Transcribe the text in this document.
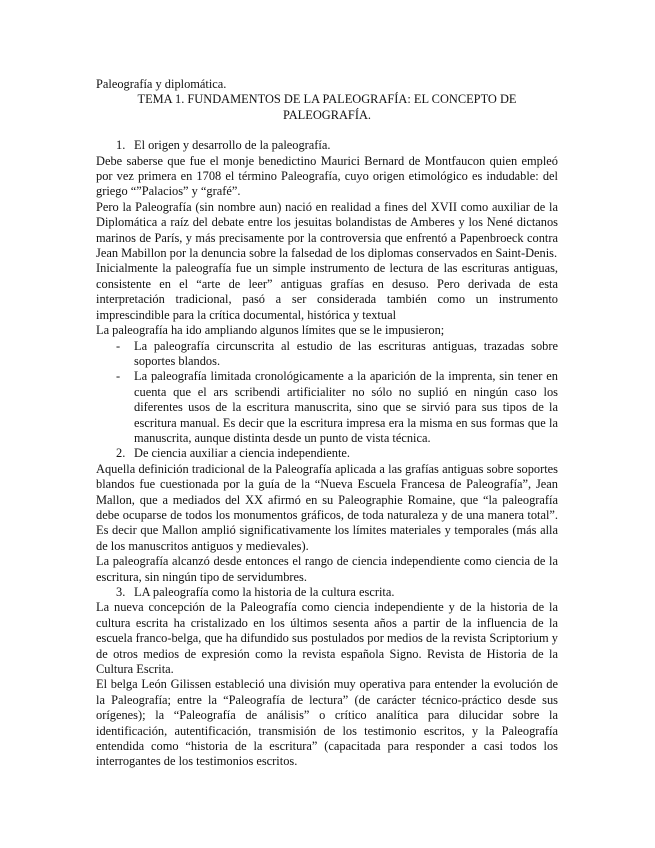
Paleografía y diplomática.
TEMA 1. FUNDAMENTOS DE LA PALEOGRAFÍA: EL CONCEPTO DE PALEOGRAFÍA.
1. El origen y desarrollo de la paleografía.

Debe saberse que fue el monje benedictino Maurici Bernard de Montfaucon quien empleó por vez primera en 1708 el término Paleografía, cuyo origen etimológico es indudable: del griego “”Palacios” y “grafé”.

Pero la Paleografía (sin nombre aun) nació en realidad a fines del XVII como auxiliar de la Diplomática a raíz del debate entre los jesuitas bolandistas de Amberes y los Nené dictanos marinos de París, y más precisamente por la controversia que enfrentó a Papenbroeck contra Jean Mabillon por la denuncia sobre la falsedad de los diplomas conservados en Saint-Denis.

Inicialmente la paleografía fue un simple instrumento de lectura de las escrituras antiguas, consistente en el “arte de leer” antiguas grafías en desuso. Pero derivada de esta interpretación tradicional, pasó a ser considerada también como un instrumento imprescindible para la crítica documental, histórica y textual

La paleografía ha ido ampliando algunos límites que se le impusieron;

- La paleografía circunscrita al estudio de las escrituras antiguas, trazadas sobre soportes blandos.
- La paleografía limitada cronológicamente a la aparición de la imprenta, sin tener en cuenta que el ars scribendi artificialiter no sólo no suplió en ningún caso los diferentes usos de la escritura manuscrita, sino que se sirvió para sus tipos de la escritura manual. Es decir que la escritura impresa era la misma en sus formas que la manuscrita, aunque distinta desde un punto de vista técnica.
2. De ciencia auxiliar a ciencia independiente.

Aquella definición tradicional de la Paleografía aplicada a las grafías antiguas sobre soportes blandos fue cuestionada por la guía de la “Nueva Escuela Francesa de Paleografía”, Jean Mallon, que a mediados del XX afirmó en su Paleographie Romaine, que “la paleografía debe ocuparse de todos los monumentos gráficos, de toda naturaleza y de una manera total”. Es decir que Mallon amplió significativamente los límites materiales y temporales (más alla de los manuscritos antiguos y medievales).

La paleografía alcanzó desde entonces el rango de ciencia independiente como ciencia de la escritura, sin ningún tipo de servidumbres.

3. LA paleografía como la historia de la cultura escrita.

La nueva concepción de la Paleografía como ciencia independiente y de la historia de la cultura escrita ha cristalizado en los últimos sesenta años a partir de la influencia de la escuela franco-belga, que ha difundido sus postulados por medios de la revista Scriptorium y de otros medios de expresión como la revista española Signo. Revista de Historia de la Cultura Escrita.

El belga León Gilissen estableció una división muy operativa para entender la evolución de la Paleografía; entre la “Paleografía de lectura” (de carácter técnico-práctico desde sus orígenes); la “Paleografía de análisis” o crítico analítica para dilucidar sobre la identificación, autentificación, transmisión de los testimonio escritos, y la Paleografía entendida como “historia de la escritura” (capacitada para responder a casi todos los interrogantes de los testimonios escritos.
